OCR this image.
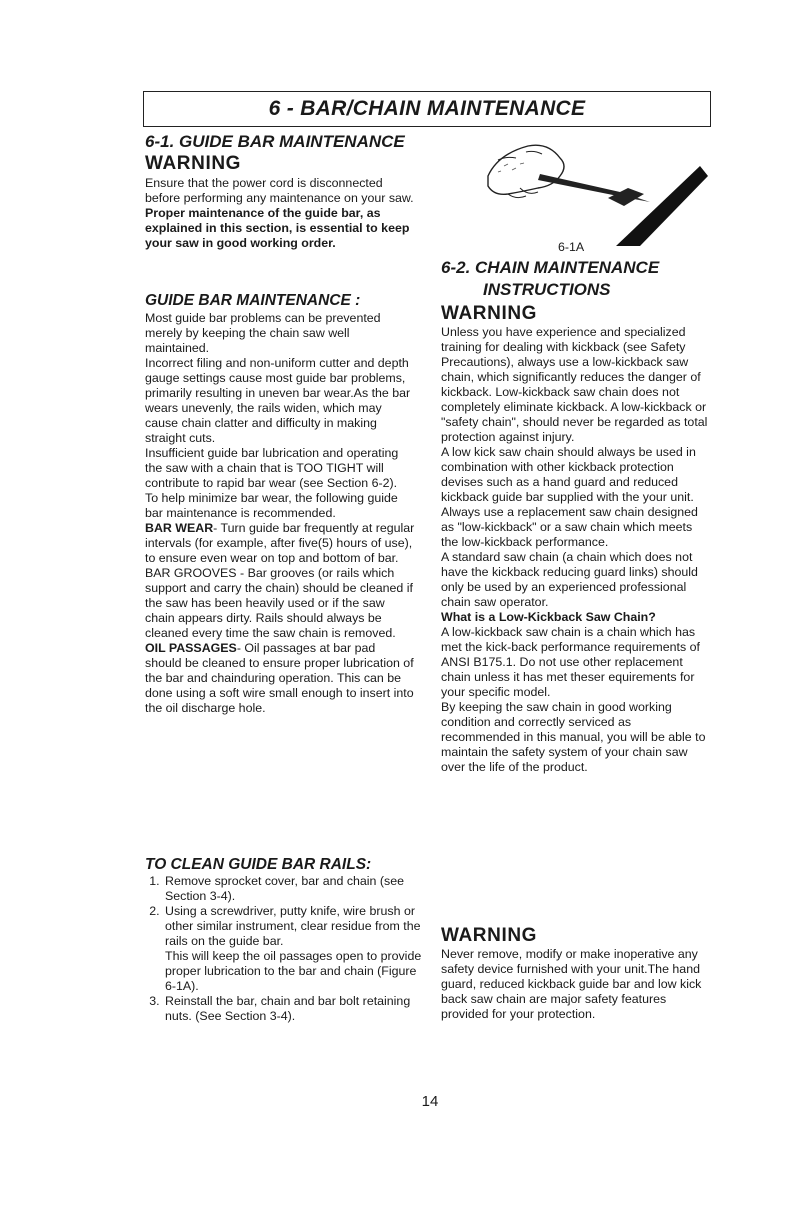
6 - BAR/CHAIN MAINTENANCE
6-1. GUIDE BAR MAINTENANCE
WARNING

Ensure that the power cord is disconnected before performing any maintenance on your saw. Proper maintenance of the guide bar, as explained in this section, is essential to keep your saw in good working order.

GUIDE BAR MAINTENANCE :
Most guide bar problems can be prevented merely by keeping the chain saw well maintained.
Incorrect filing and non-uniform cutter and depth gauge settings cause most guide bar problems, primarily resulting in uneven bar wear.As the bar wears unevenly, the rails widen, which may cause chain clatter and difficulty in making straight cuts.
Insufficient guide bar lubrication and operating the saw with a chain that is TOO TIGHT will contribute to rapid bar wear (see Section 6-2).
To help minimize bar wear, the following guide bar maintenance is recommended.
BAR WEAR- Turn guide bar frequently at regular intervals (for example, after five(5) hours of use), to ensure even wear on top and bottom of bar.
BAR GROOVES - Bar grooves (or rails which support and carry the chain) should be cleaned if the saw has been heavily used or if the saw chain appears dirty. Rails should always be cleaned every time the saw chain is removed.
OIL PASSAGES- Oil passages at bar pad should be cleaned to ensure proper lubrication of the bar and chainduring operation. This can be done using a soft wire small enough to insert into the oil discharge hole.
TO CLEAN GUIDE BAR RAILS:
1. Remove sprocket cover, bar and chain (see Section 3-4).
2. Using a screwdriver, putty knife, wire brush or other similar instrument, clear residue from the rails on the guide bar.
This will keep the oil passages open to provide proper lubrication to the bar and chain (Figure 6-1A).
3. Reinstall the bar, chain and bar bolt retaining nuts. (See Section 3-4).
6-1A
6-2. CHAIN MAINTENANCE
INSTRUCTIONS
WARNING
Unless you have experience and specialized training for dealing with kickback (see Safety Precautions), always use a low-kickback saw chain, which significantly reduces the danger of kickback. Low-kickback saw chain does not completely eliminate kickback. A low-kickback or "safety chain", should never be regarded as total protection against injury.
A low kick saw chain should always be used in combination with other kickback protection devises such as a hand guard and reduced kickback guide bar supplied with the your unit.
Always use a replacement saw chain designed as "low-kickback" or a saw chain which meets the low-kickback performance.
A standard saw chain (a chain which does not have the kickback reducing guard links) should only be used by an experienced professional chain saw operator.
What is a Low-Kickback Saw Chain?
A low-kickback saw chain is a chain which has met the kick-back performance requirements of ANSI B175.1. Do not use other replacement chain unless it has met theser equirements for your specific model.
By keeping the saw chain in good working condition and correctly serviced as recommended in this manual, you will be able to maintain the safety system of your chain saw over the life of the product.
WARNING
Never remove, modify or make inoperative any safety device furnished with your unit.The hand guard, reduced kickback guide bar and low kick back saw chain are major safety features provided for your protection.
14
